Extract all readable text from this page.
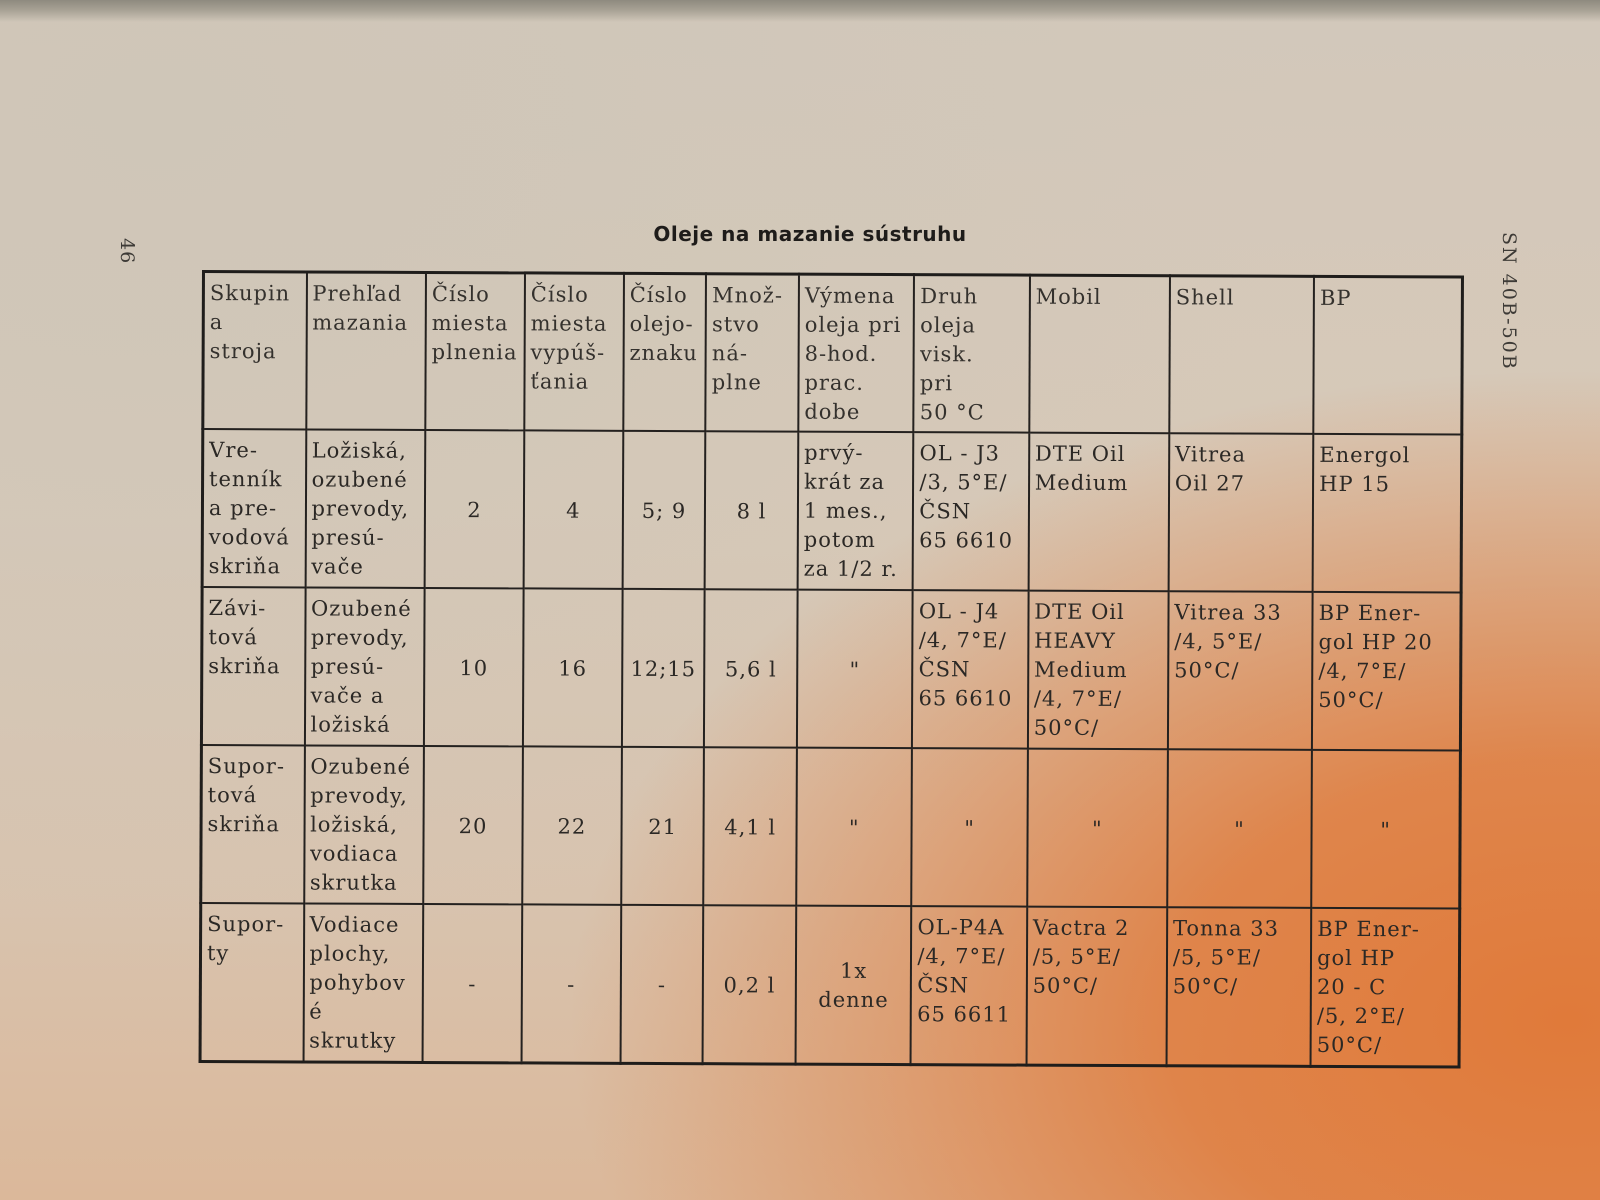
46	SN 40B-50B
Oleje na mazanie sústruhu
Skupina
stroja	Prehľad
mazania	Číslo
miesta
plnenia	Číslo
miesta
vypúš-
ťania	Číslo
olejo-
znaku	Množ-
stvo
ná-
plne	Výmena
oleja pri
8-hod.
prac.
dobe	Druh
oleja
visk.
pri
50 °C	Mobil	Shell	BP

Vre-
tenník
a pre-
vodová
skriňa	Ložiská,
ozubené
prevody,
presú-
vače	2	4	5; 9	8 l	prvý-
krát za
1 mes.,
potom
za 1/2 r.	OL - J3
/3, 5°E/
ČSN
65 6610	DTE Oil
Medium	Vitrea
Oil 27	Energol
HP 15

Závi-
tová
skriňa	Ozubené
prevody,
presú-
vače a
ložiská	10	16	12;15	5,6 l	"	OL - J4
/4, 7°E/
ČSN
65 6610	DTE Oil
HEAVY
Medium
/4, 7°E/
50°C/	Vitrea 33
/4, 5°E/
50°C/	BP Ener-
gol HP 20
/4, 7°E/
50°C/

Supor-
tová
skriňa	Ozubené
prevody,
ložiská,
vodiaca
skrutka	20	22	21	4,1 l	"	"	"	"	"

Supor-
ty	Vodiace
plochy,
pohybové
skrutky	-	-	-	0,2 l	1x denne	OL-P4A
/4, 7°E/
ČSN
65 6611	Vactra 2
/5, 5°E/
50°C/	Tonna 33
/5, 5°E/
50°C/	BP Ener-
gol HP
20 - C
/5, 2°E/
50°C/
